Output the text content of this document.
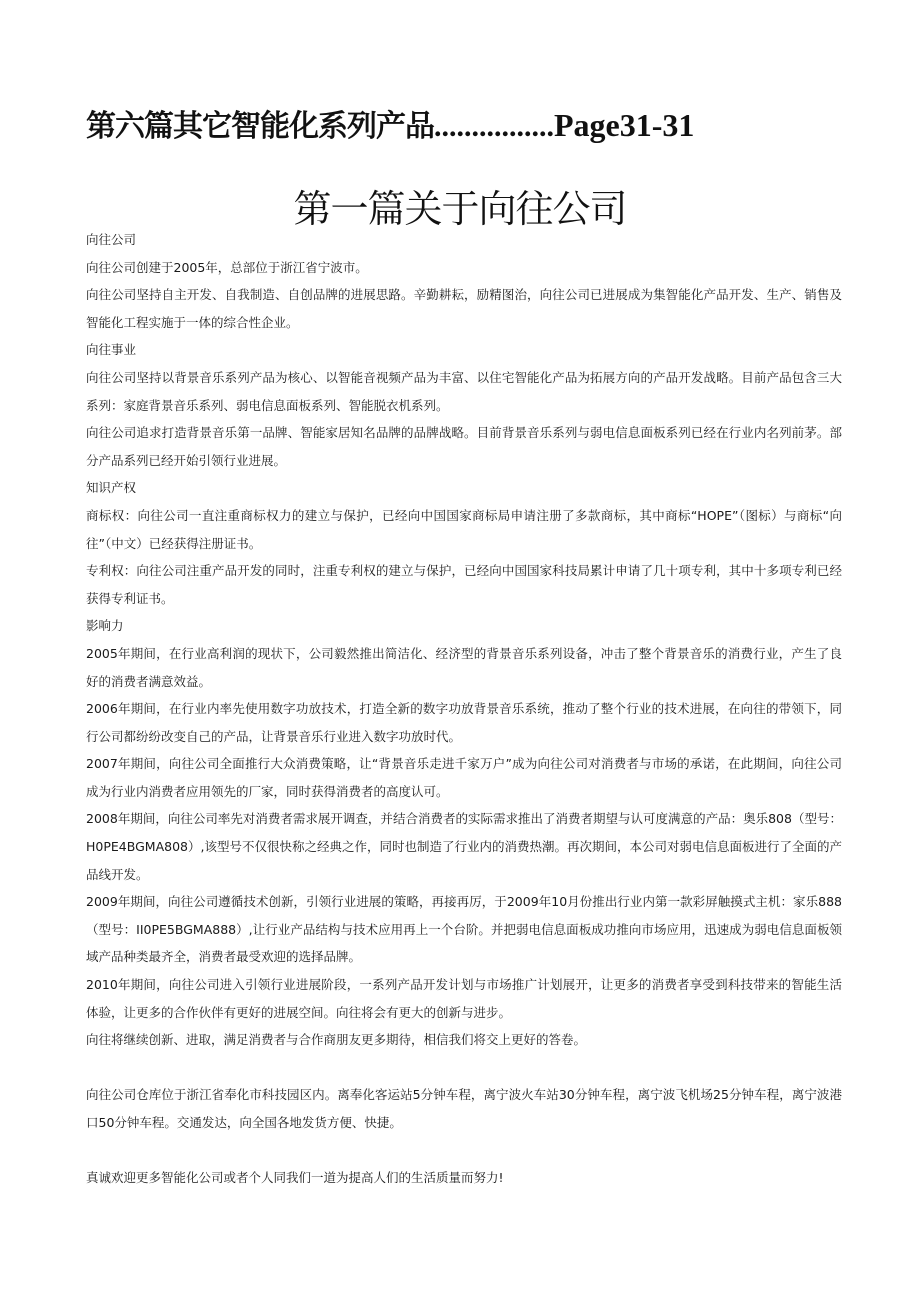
第六篇其它智能化系列产品................Page31-31
第一篇关于向往公司

向往公司

向往公司创建于2005年，总部位于浙江省宁波市。

向往公司坚持自主开发、自我制造、自创品牌的进展思路。辛勤耕耘，励精图治，向往公司已进展成为集智能化产品开发、生产、销售及智能化工程实施于一体的综合性企业。

向往事业

向往公司坚持以背景音乐系列产品为核心、以智能音视频产品为丰富、以住宅智能化产品为拓展方向的产品开发战略。目前产品包含三大系列：家庭背景音乐系列、弱电信息面板系列、智能脱衣机系列。

向往公司追求打造背景音乐第一品牌、智能家居知名品牌的品牌战略。目前背景音乐系列与弱电信息面板系列已经在行业内名列前茅。部分产品系列已经开始引领行业进展。

知识产权

商标权：向往公司一直注重商标权力的建立与保护，已经向中国国家商标局申请注册了多款商标，其中商标“HOPE”（图标）与商标“向往”（中文）已经获得注册证书。

专利权：向往公司注重产品开发的同时，注重专利权的建立与保护，已经向中国国家科技局累计申请了几十项专利，其中十多项专利已经获得专利证书。

影响力

2005年期间，在行业高利润的现状下，公司毅然推出简洁化、经济型的背景音乐系列设备，冲击了整个背景音乐的消费行业，产生了良好的消费者满意效益。

2006年期间，在行业内率先使用数字功放技术，打造全新的数字功放背景音乐系统，推动了整个行业的技术进展，在向往的带领下，同行公司都纷纷改变自己的产品，让背景音乐行业进入数字功放时代。

2007年期间，向往公司全面推行大众消费策略，让“背景音乐走进千家万户”成为向往公司对消费者与市场的承诺，在此期间，向往公司成为行业内消费者应用领先的厂家，同时获得消费者的高度认可。

2008年期间，向往公司率先对消费者需求展开调查，并结合消费者的实际需求推出了消费者期望与认可度满意的产品：奥乐808（型号：H0PE4BGMA808）,该型号不仅很快称之经典之作，同时也制造了行业内的消费热潮。再次期间，本公司对弱电信息面板进行了全面的产品线开发。

2009年期间，向往公司遵循技术创新，引领行业进展的策略，再接再厉，于2009年10月份推出行业内第一款彩屏触摸式主机：家乐888（型号：II0PE5BGMA888）,让行业产品结构与技术应用再上一个台阶。并把弱电信息面板成功推向市场应用，迅速成为弱电信息面板领域产品种类最齐全，消费者最受欢迎的选择品牌。

2010年期间，向往公司进入引领行业进展阶段，一系列产品开发计划与市场推广计划展开，让更多的消费者享受到科技带来的智能生活体验，让更多的合作伙伴有更好的进展空间。向往将会有更大的创新与进步。

向往将继续创新、进取，满足消费者与合作商朋友更多期待，相信我们将交上更好的答卷。

向往公司仓库位于浙江省奉化市科技园区内。离奉化客运站5分钟车程，离宁波火车站30分钟车程，离宁波飞机场25分钟车程，离宁波港口50分钟车程。交通发达，向全国各地发货方便、快捷。

真诚欢迎更多智能化公司或者个人同我们一道为提高人们的生活质量而努力!
